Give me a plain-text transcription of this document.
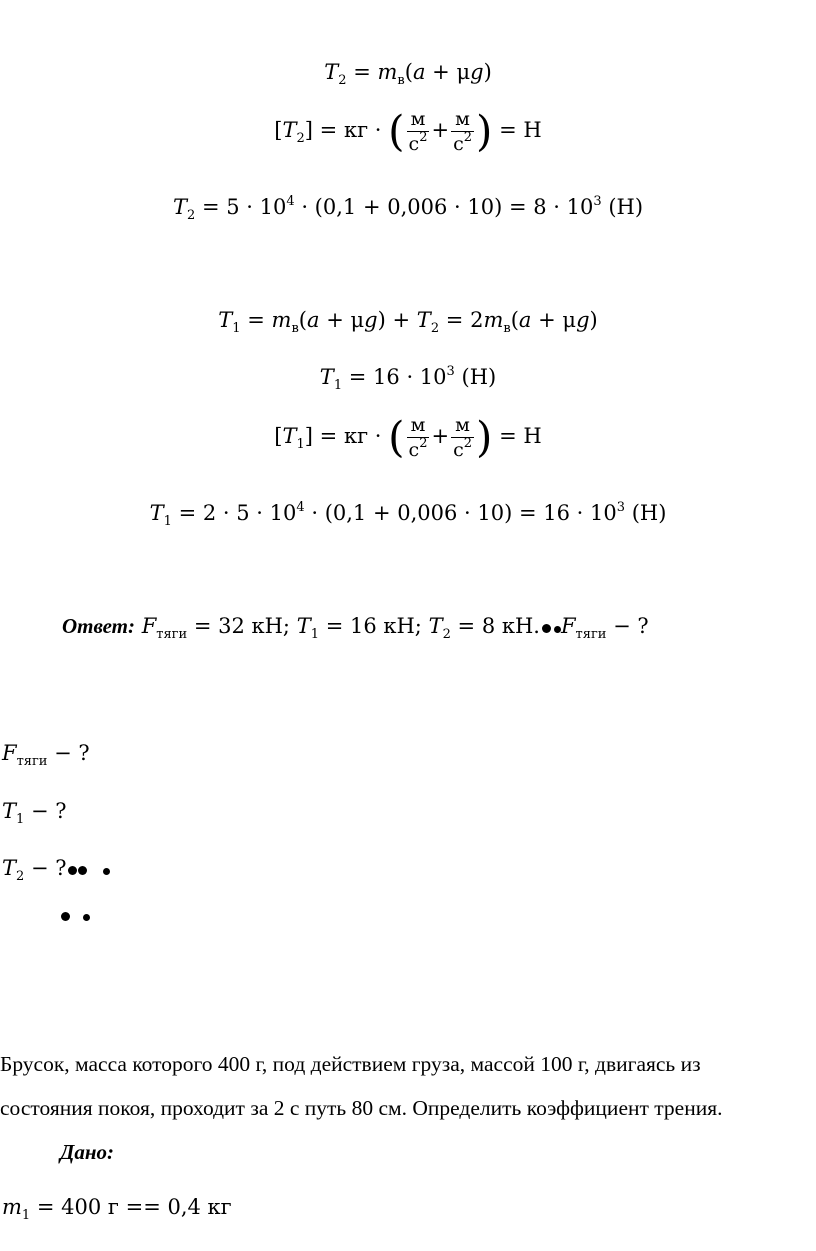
$T_2 = m_в(a + \mu g)$
$[T_2]$ = кг · ( $\frac{м}{с^2} + \frac{м}{с^2}$ ) = Н
$T_2 = 5 \cdot 10^4 \cdot (0,1 + 0,006 \cdot 10) = 8 \cdot 10^3$ (Н)
$T_1 = m_в(a + \mu g) + T_2 = 2m_в(a + \mu g)$
$T_1 = 16 \cdot 10^3$ (Н)
$[T_1]$ = кг · ( $\frac{м}{с^2} + \frac{м}{с^2}$ ) = Н
$T_1 = 2 \cdot 5 \cdot 10^4 \cdot (0,1 + 0,006 \cdot 10) = 16 \cdot 10^3$ (Н)
Ответ: $F_{тяги} = 32$ кН; $T_1 = 16$ кН; $T_2 = 8$ кН. $F_{тяги}$ − ?
$F_{тяги}$ − ?
$T_1$ − ?
$T_2$ − ?
Брусок, масса которого 400 г, под действием груза, массой 100 г, двигаясь из
состояния покоя, проходит за 2 с путь 80 см. Определить коэффициент трения.
Дано:
$m_1 = 400$ г == 0,4 кг
